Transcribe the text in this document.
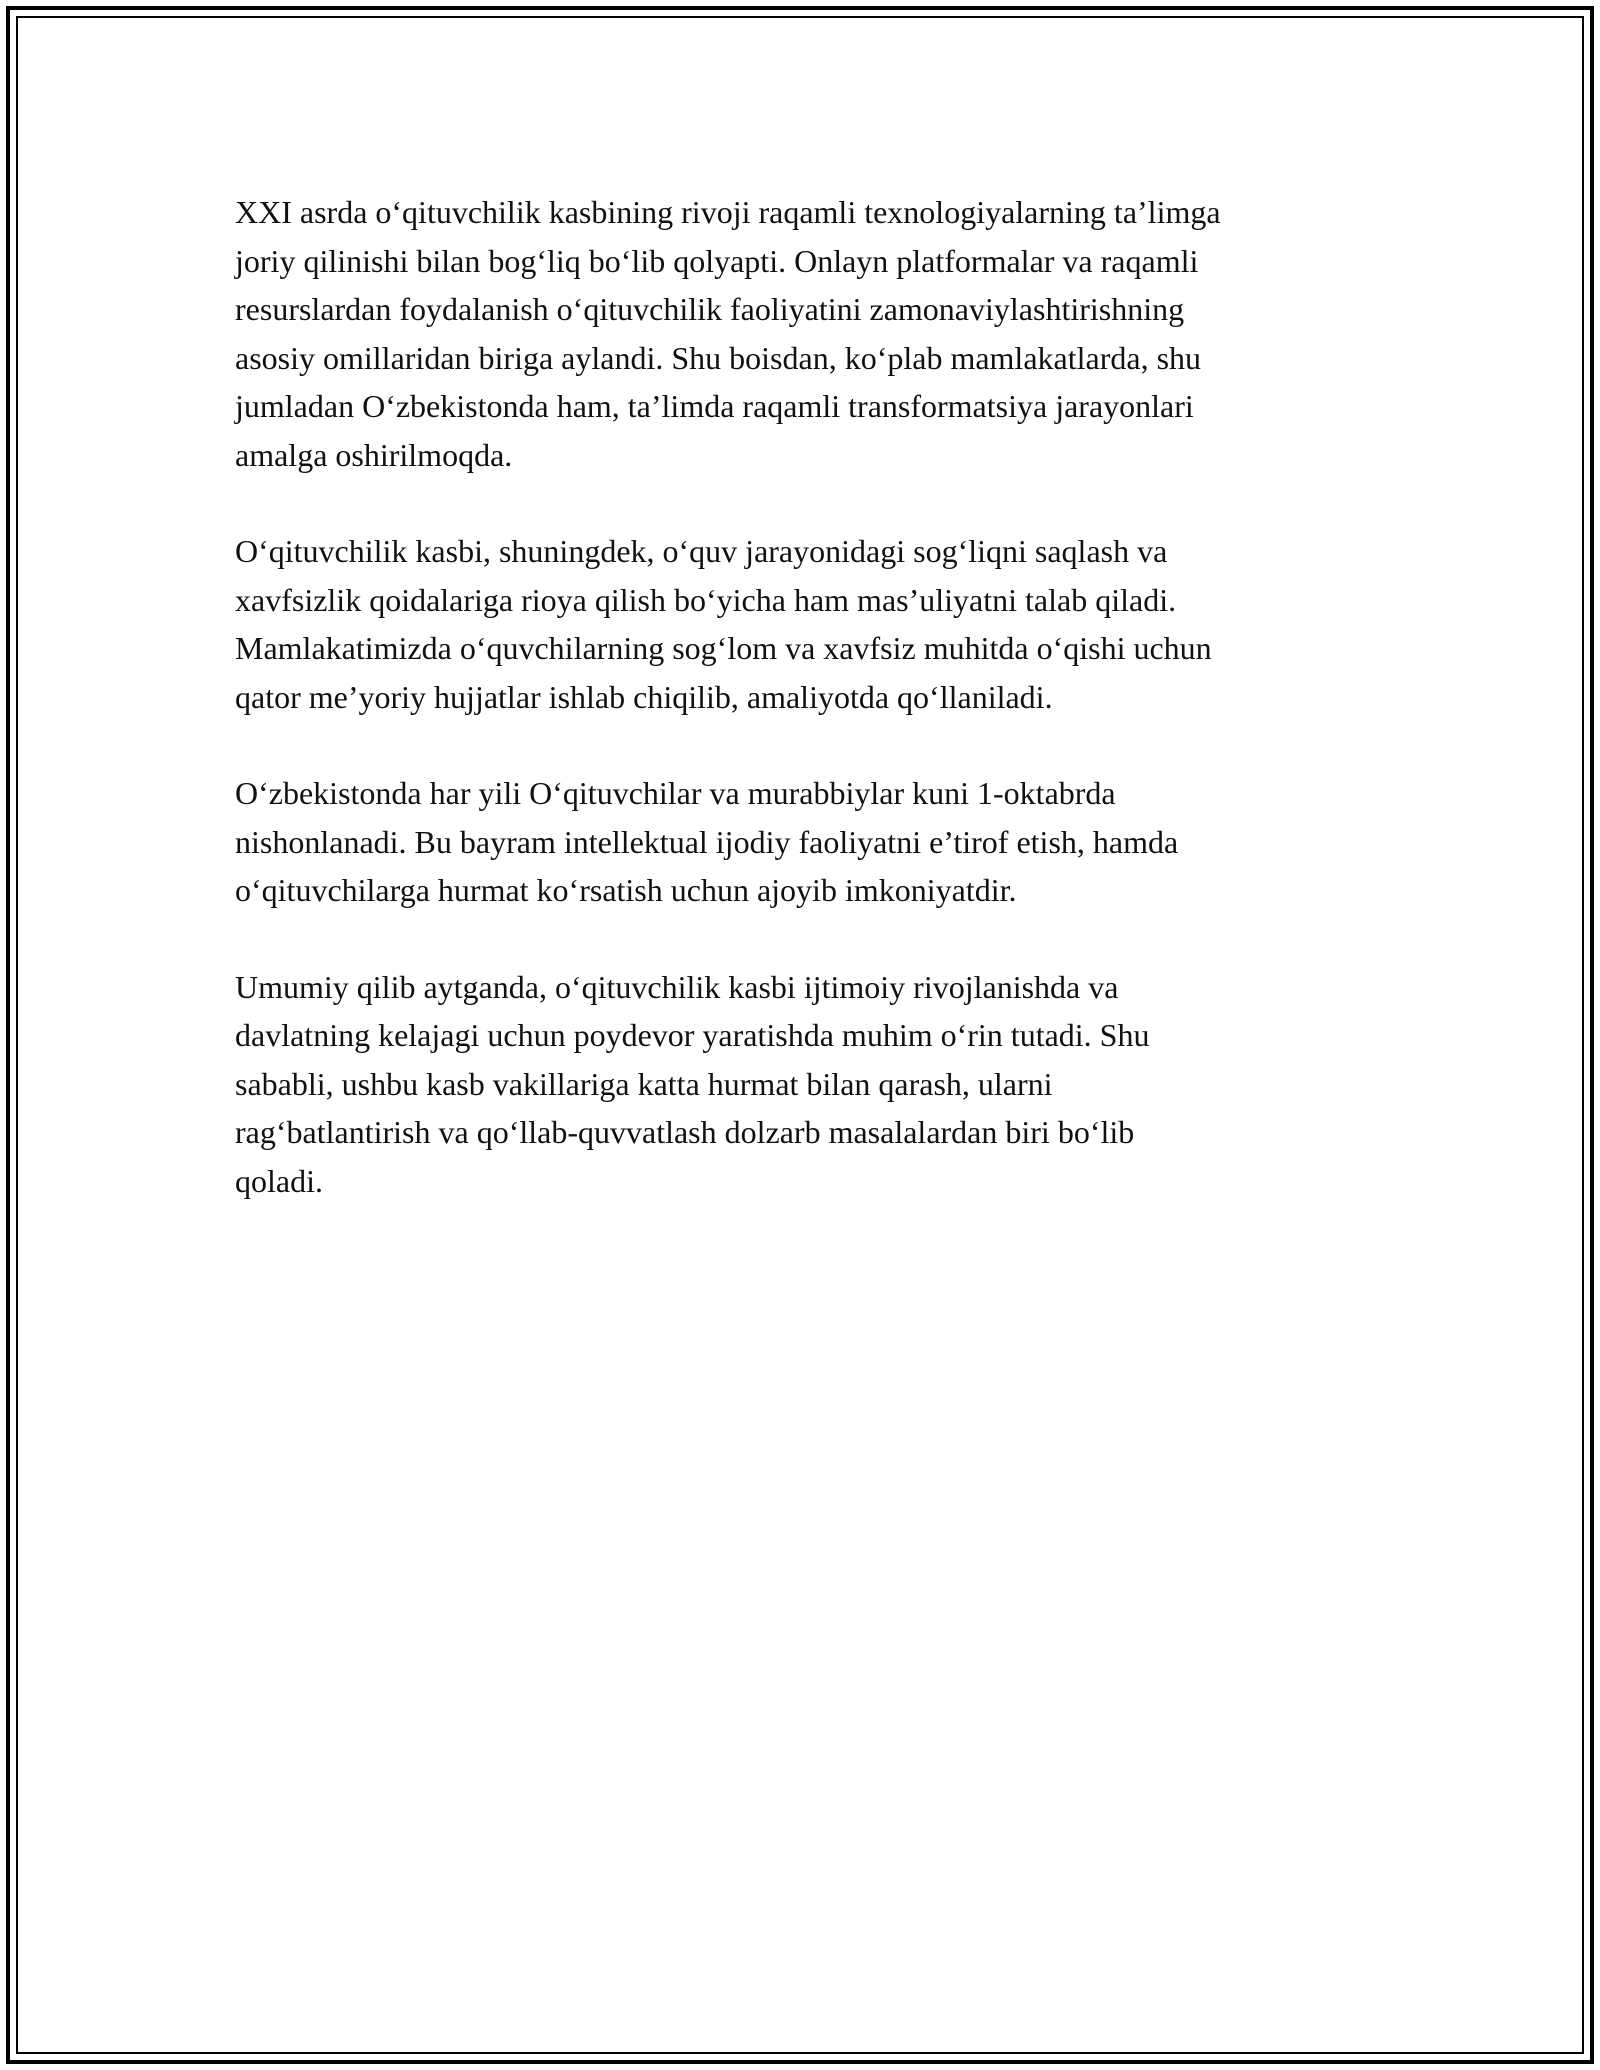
XXI asrda o‘qituvchilik kasbining rivoji raqamli texnologiyalarning ta’limga
joriy qilinishi bilan bog‘liq bo‘lib qolyapti. Onlayn platformalar va raqamli
resurslardan foydalanish o‘qituvchilik faoliyatini zamonaviylashtirishning
asosiy omillaridan biriga aylandi. Shu boisdan, ko‘plab mamlakatlarda, shu
jumladan O‘zbekistonda ham, ta’limda raqamli transformatsiya jarayonlari
amalga oshirilmoqda.

O‘qituvchilik kasbi, shuningdek, o‘quv jarayonidagi sog‘liqni saqlash va
xavfsizlik qoidalariga rioya qilish bo‘yicha ham mas’uliyatni talab qiladi.
Mamlakatimizda o‘quvchilarning sog‘lom va xavfsiz muhitda o‘qishi uchun
qator me’yoriy hujjatlar ishlab chiqilib, amaliyotda qo‘llaniladi.

O‘zbekistonda har yili O‘qituvchilar va murabbiylar kuni 1-oktabrda
nishonlanadi. Bu bayram intellektual ijodiy faoliyatni e’tirof etish, hamda
o‘qituvchilarga hurmat ko‘rsatish uchun ajoyib imkoniyatdir.

Umumiy qilib aytganda, o‘qituvchilik kasbi ijtimoiy rivojlanishda va
davlatning kelajagi uchun poydevor yaratishda muhim o‘rin tutadi. Shu
sababli, ushbu kasb vakillariga katta hurmat bilan qarash, ularni
rag‘batlantirish va qo‘llab-quvvatlash dolzarb masalalardan biri bo‘lib
qoladi.
